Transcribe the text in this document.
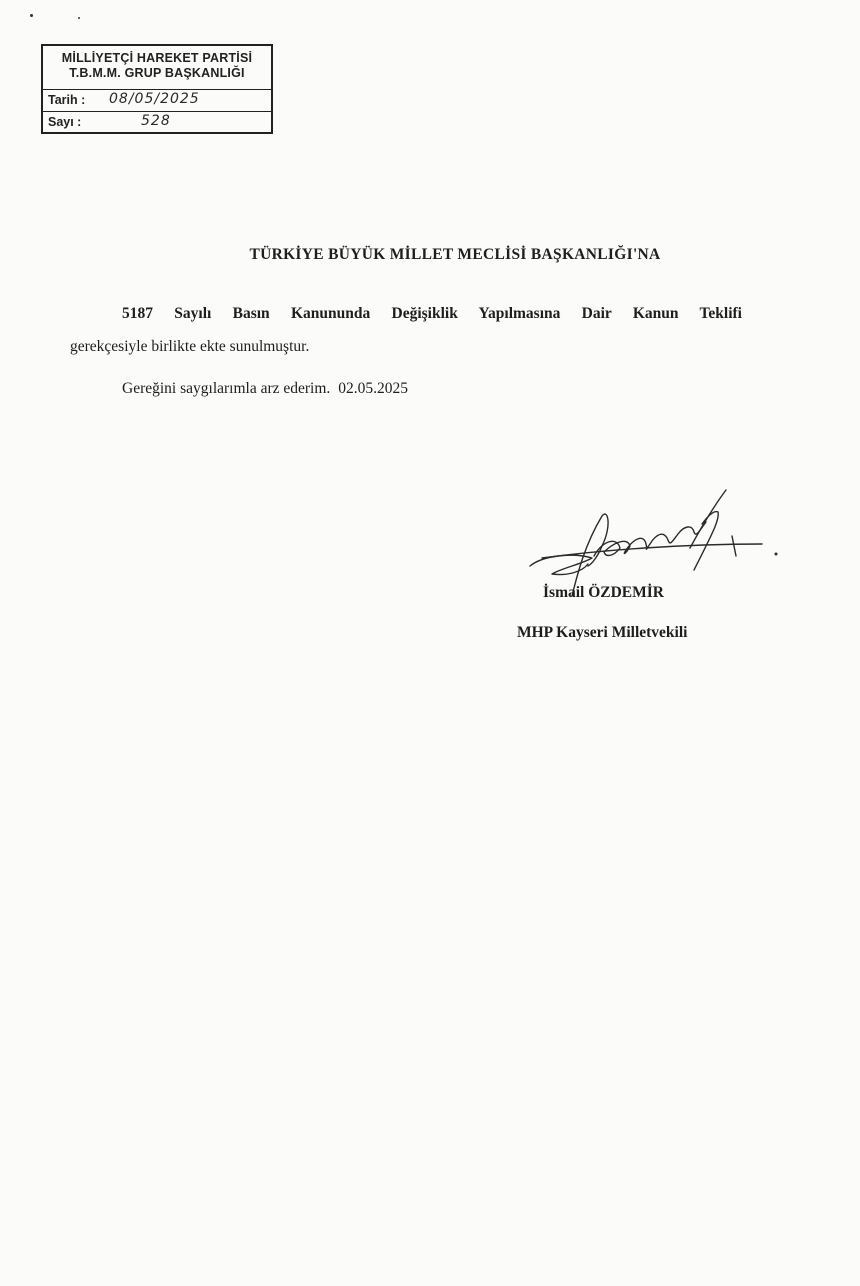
MİLLİYETÇİ HAREKET PARTİSİ
T.B.M.M. GRUP BAŞKANLIĞI
Tarih : 08/05/2025
Sayı :	528
TÜRKİYE BÜYÜK MİLLET MECLİSİ BAŞKANLIĞI'NA
5187 Sayılı Basın Kanununda Değişiklik Yapılmasına Dair Kanun Teklifi
gerekçesiyle birlikte ekte sunulmuştur.
Gereğini saygılarımla arz ederim. 02.05.2025
İsmail ÖZDEMİR
MHP Kayseri Milletvekili
